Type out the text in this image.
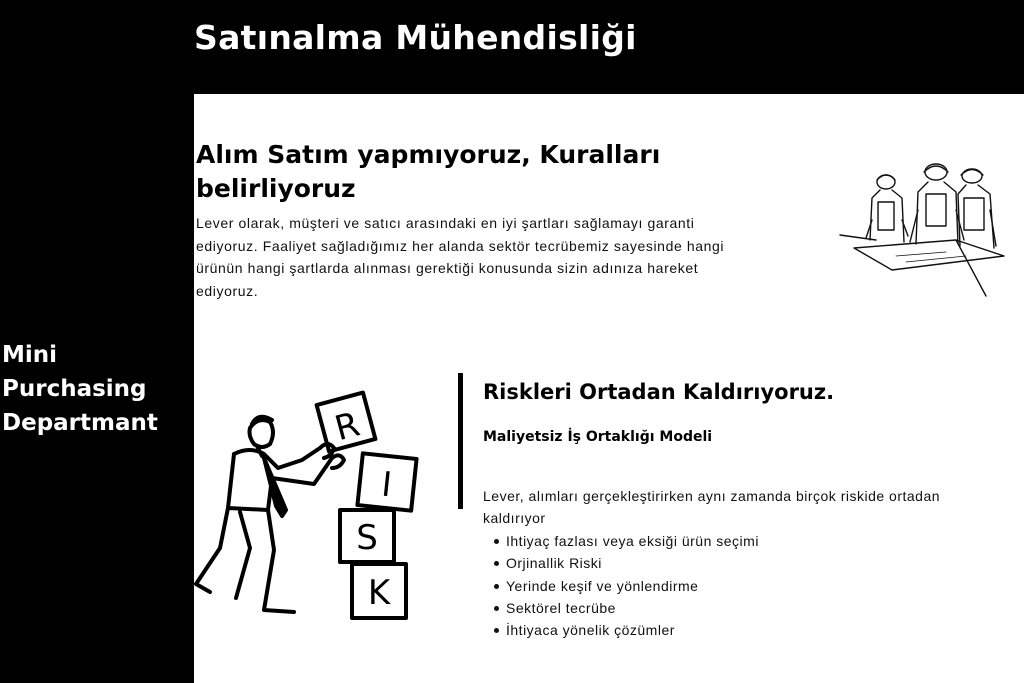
Satınalma Mühendisliği
Mini
Purchasing
Departmant
Alım Satım yapmıyoruz, Kuralları belirliyoruz

Lever olarak, müşteri ve satıcı arasındaki en iyi şartları sağlamayı garanti ediyoruz. Faaliyet sağladığımız her alanda sektör tecrübemiz sayesinde hangi ürünün hangi şartlarda alınması gerektiği konusunda sizin adınıza hareket ediyoruz.

R
I
S
K
Riskleri Ortadan Kaldırıyoruz.
Maliyetsiz İş Ortaklığı Modeli

Lever, alımları gerçekleştirirken aynı zamanda birçok riskide ortadan kaldırıyor

Ihtiyaç fazlası veya eksiği ürün seçimi
Orjinallik Riski
Yerinde keşif ve yönlendirme
Sektörel tecrübe
İhtiyaca yönelik çözümler
